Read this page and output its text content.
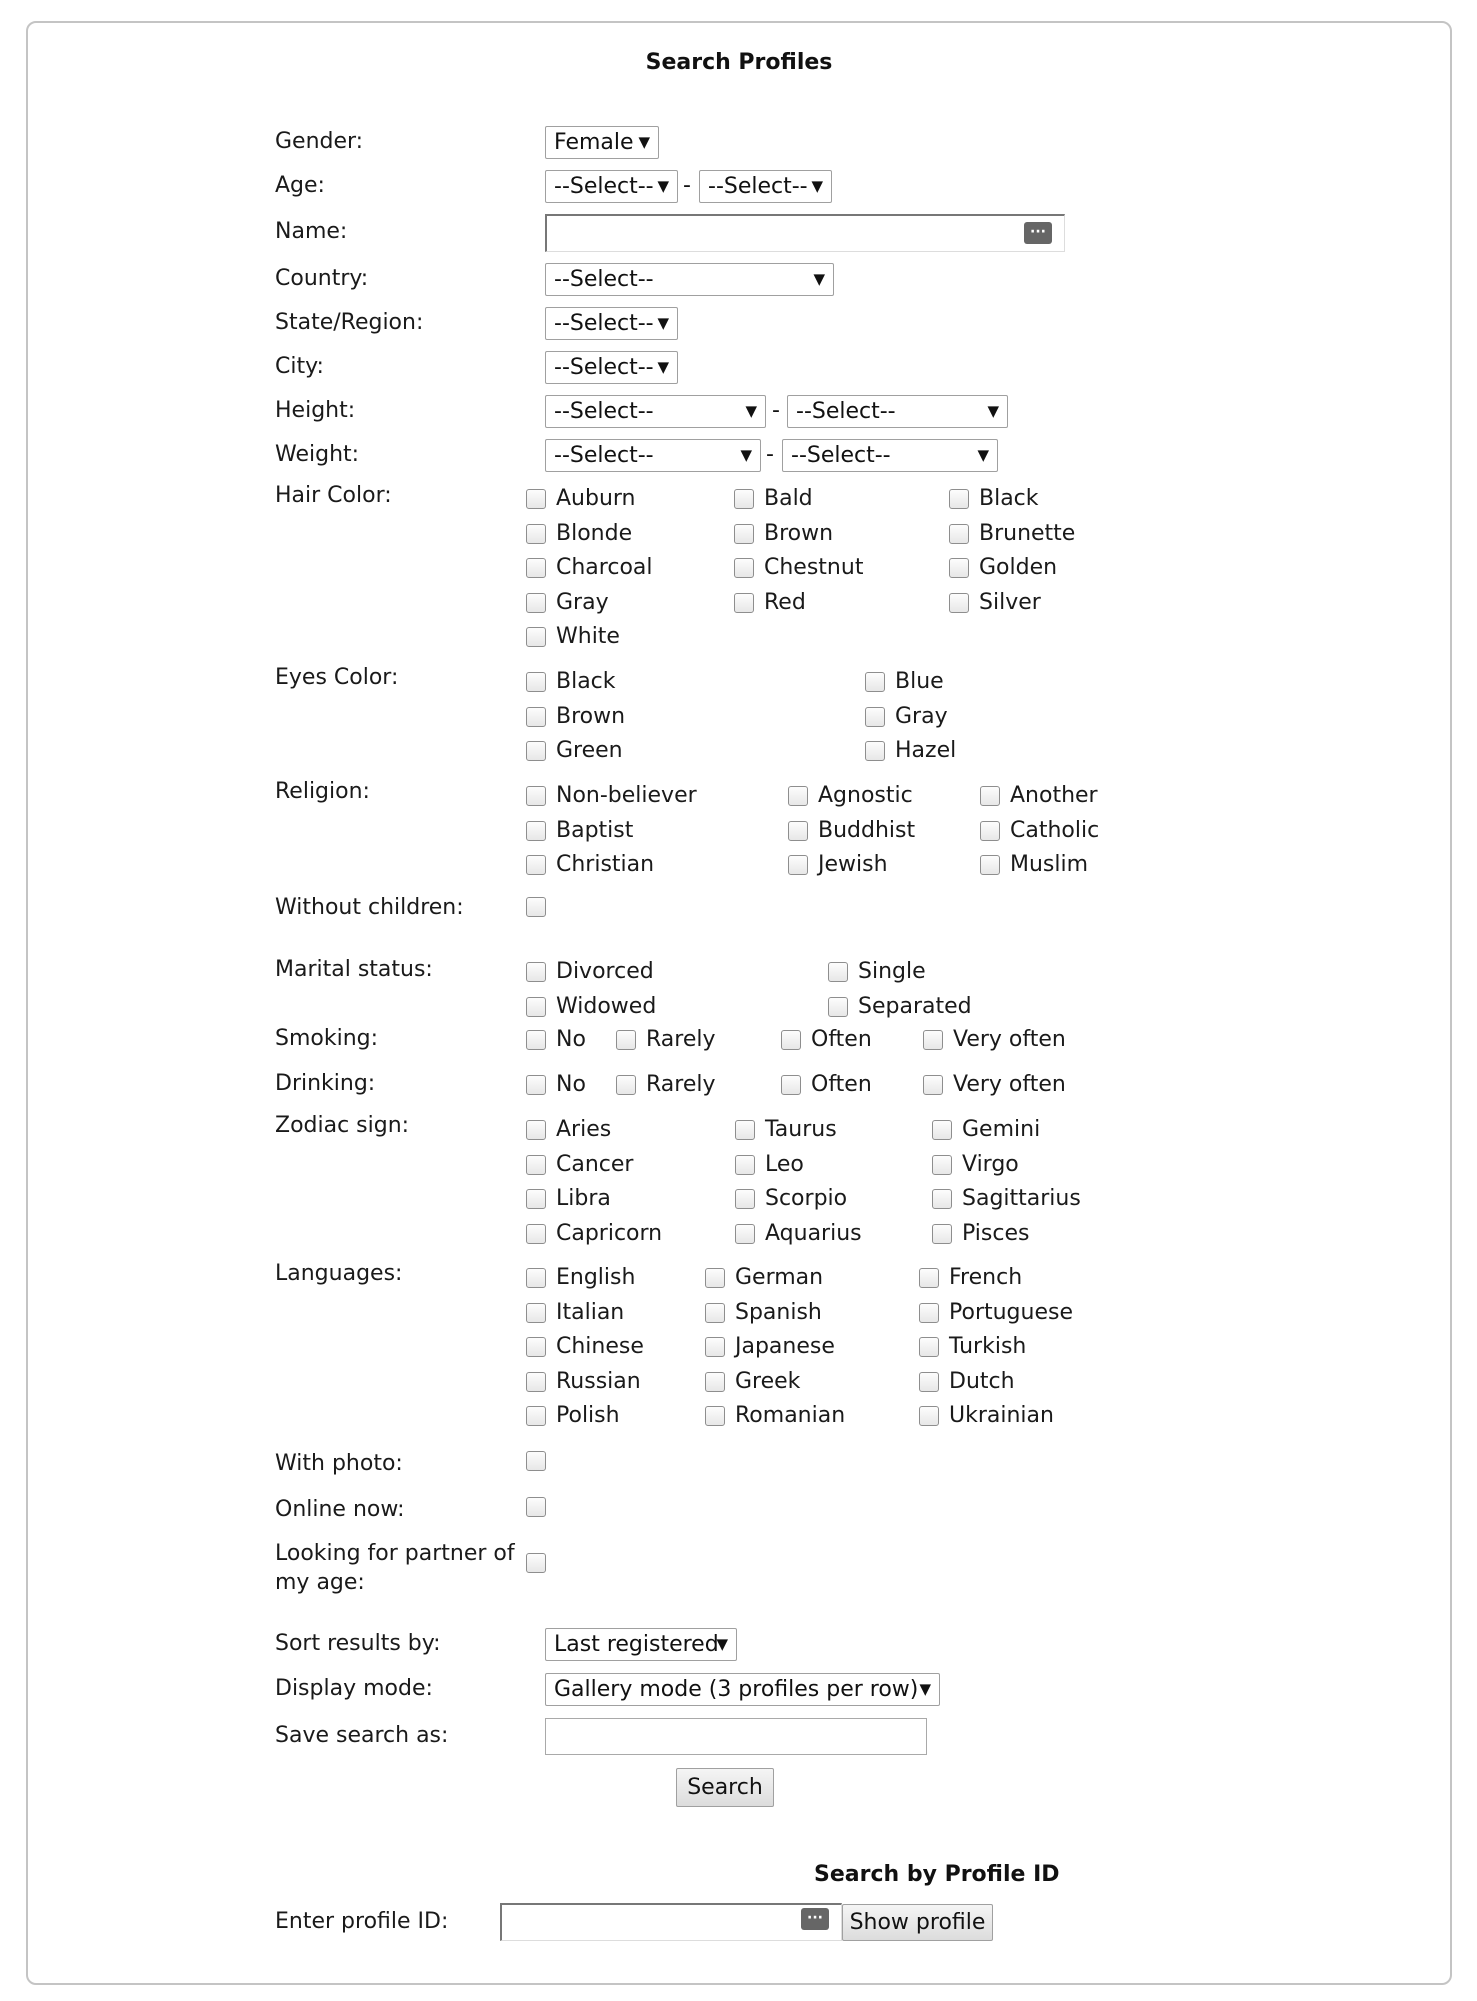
Search Profiles
Gender:	Female ▼
Age:	--Select-- ▼ - --Select-- ▼
Name:	···
Country:	--Select--	▼
State/Region:	--Select-- ▼
City:	--Select-- ▼
Height:	--Select--	▼ - --Select--	▼
Weight:	--Select--	▼ - --Select--	▼
Hair Color:	Auburn	Bald	Black
Blonde	Brown	Brunette
Charcoal	Chestnut	Golden
Gray	Red	Silver
White
Eyes Color:	Black	Blue
Brown	Gray
Green	Hazel
Religion:	Non-believer	Agnostic	Another
Baptist	Buddhist	Catholic
Christian	Jewish	Muslim
Without children:
Marital status:	Divorced	Single
Widowed	Separated
Smoking:	No	Rarely	Often	Very often
Drinking:	No	Rarely	Often	Very often
Zodiac sign:	Aries	Taurus	Gemini
Cancer	Leo	Virgo
Libra	Scorpio	Sagittarius
Capricorn	Aquarius	Pisces
Languages:	English	German	French
Italian	Spanish	Portuguese
Chinese	Japanese	Turkish
Russian	Greek	Dutch
Polish	Romanian	Ukrainian
With photo:
Online now:
Looking for partner of my age:
Sort results by:	Last registered
▼
Display mode:	Gallery mode (3 profiles per row) ▼
Save search as:
Search
Search by Profile ID
Enter profile ID:	···	Show profile
